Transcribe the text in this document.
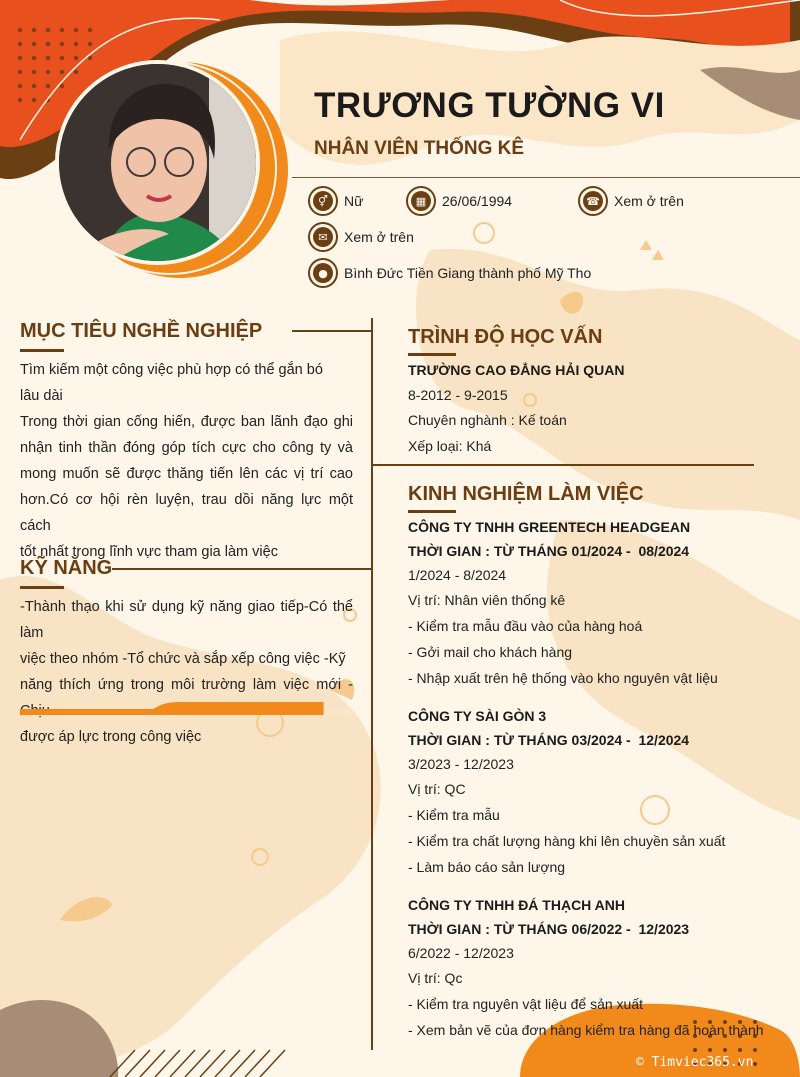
TRƯƠNG TƯỜNG VI
NHÂN VIÊN THỐNG KÊ
⚥	Nữ	▦	26/06/1994	☎ Xem ở trên
✉	Xem ở trên
●	Bình Đức Tiền Giang thành phố Mỹ Tho
MỤC TIÊU NGHỀ NGHIỆP
Tìm kiếm một công việc phù hợp có thể gắn bó
lâu dài
Trong thời gian cống hiến, được ban lãnh đạo ghi
nhận tinh thần đóng góp tích cực cho công ty và
mong muốn sẽ được thăng tiến lên các vị trí cao
hơn.Có cơ hội rèn luyện, trau dồi năng lực một cách
tốt nhất trong lĩnh vực tham gia làm việc
KỸ NĂNG
-Thành thạo khi sử dụng kỹ năng giao tiếp-Có thể làm
việc theo nhóm -Tổ chức và sắp xếp công việc -Kỹ
năng thích ứng trong môi trường làm việc mới -
được áp lực trong công việc
TRÌNH ĐỘ HỌC VẤN
TRƯỜNG CAO ĐẲNG HẢI QUAN
8-2012 - 9-2015
Chuyên nghành : Kế toán
Xếp loại: Khá
KINH NGHIỆM LÀM VIỆC
CÔNG TY TNHH GREENTECH HEADGEAN
THỜI GIAN : TỪ THÁNG 01/2024 -  08/2024
1/2024 - 8/2024
Vị trí: Nhân viên thống kê
- Kiểm tra mẫu đầu vào của hàng hoá
- Gởi mail cho khách hàng
- Nhập xuất trên hệ thống vào kho nguyên vật liệu
CÔNG TY SÀI GÒN 3
THỜI GIAN : TỪ THÁNG 03/2024 -  12/2024
3/2023 - 12/2023
Vị trí: QC
- Kiểm tra mẫu
- Kiểm tra chất lượng hàng khi lên chuyền sản xuất
- Làm báo cáo sản lượng
CÔNG TY TNHH ĐÁ THẠCH ANH
THỜI GIAN : TỪ THÁNG 06/2022 -  12/2023
6/2022 - 12/2023
Vị trí: Qc
- Kiểm tra nguyên vật liệu để sản xuất
- Xem bản vẽ của đơn hàng kiểm tra hàng đã hoàn thành
© Timviec365.vn
